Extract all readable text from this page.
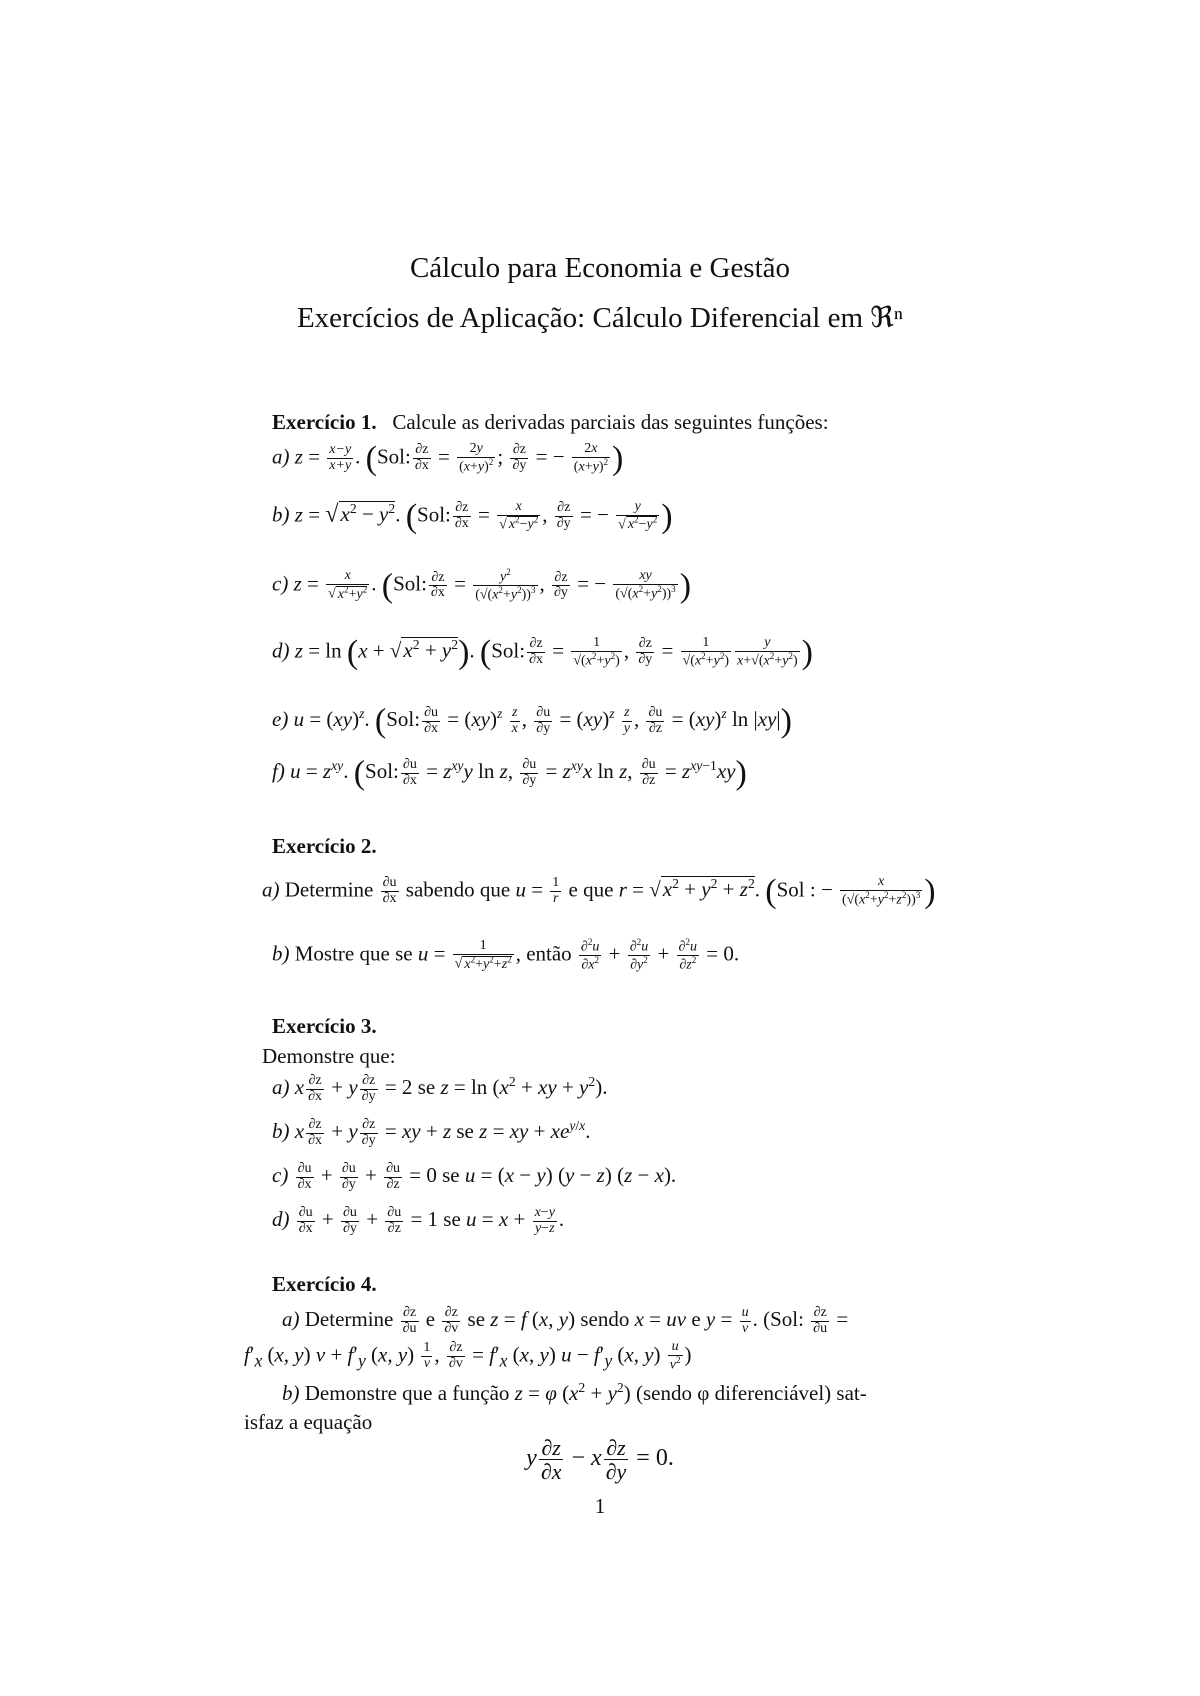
Cálculo para Economia e Gestão
Exercícios de Aplicação: Cálculo Diferencial em ℜⁿ
Exercício 1. Calcule as derivadas parciais das seguintes funções:
a) $z = \frac{x-y}{x+y}$ . (Sol: $\frac{\partial z}{\partial x} = \frac{2y}{(x+y)^2}$ ; $\frac{\partial z}{\partial y}$ = − $\frac{2x}{(x+y)^2}$ )
b) $z = √x^2 - y^2$. (Sol: $\frac{\partial z}{\partial x} = \frac{x}{√ x^2-y^2}$ , $\frac{\partial z}{\partial y}$ = − $\frac{y}{√ x^2-y^2}$ )
c) $z = \frac{x}{√ x^2+y^2}$ . (Sol: $\frac{\partial z}{\partial x} = \frac{y^2}{(√(x^2+y^2))^3}$ , $\frac{\partial z}{\partial y}$ = − $\frac{xy}{(√(x^2+y^2))^3}$ )
d) $z = \ln (x + √x^2 + y^2)$. (Sol: $\frac{\partial z}{\partial x} = \frac{1}{√(x^2+y^2)}$ , $\frac{\partial z}{\partial y} = \frac{1}{√(x^2+y^2)} \frac{y}{x+√(x^2+y^2)}$ )
e) u = (xy)$^z$. (Sol: $\frac{\partial u}{\partial x} = (xy)^z \frac{z}{x}$ , $\frac{\partial u}{\partial y} = (xy)^z \frac{z}{y}$ , $\frac{\partial u}{\partial z} = (xy)^z$ ln |xy|)
f) $u = z^{xy}$. (Sol: $\frac{\partial u}{\partial x} = z^{xy}y$ ln z, $\frac{\partial u}{\partial y} = z^{xy}x$ ln z, $\frac{\partial u}{\partial z} = z^{xy-1}xy$)
Exercício 2.
a) Determine $\frac{\partial u}{\partial x}$ sabendo que $u = \frac{1}{r}$ e que $r = √x^2 + y^2 + z^2$. (Sol : − $\frac{x}{(√(x^2+y^2+z^2))^3}$ )
b) Mostre que se $u = \frac{1}{√ x^2+y^2+z^2}$ , então $\frac{\partial^2u}{\partial x^2} + \frac{\partial^2u}{\partial y^2} + \frac{\partial^2u}{\partial z^2} = 0$.
Exercício 3.
Demonstre que:
a) x $\frac{\partial z}{\partial x} + y \frac{\partial z}{\partial y} = 2$ se $z = \ln (x^2$ + xy + $y^2$).
b) x $\frac{\partial z}{\partial x} + y \frac{\partial z}{\partial y}$ = xy + z se z = xy + $xe^{y/x}$.
$c) \frac{\partial u}{\partial x} + \frac{\partial u}{\partial y} + \frac{\partial u}{\partial z} = 0$ se u = (x − y) (y − z) (z − x).
$d) \frac{\partial u}{\partial x} + \frac{\partial u}{\partial y} + \frac{\partial u}{\partial z} = 1$ se $u = x + \frac{x-y}{y-z}$ .
Exercício 4.
a) Determine $\frac{\partial z}{\partial u}$ e $\frac{\partial z}{\partial v}$ se z = f (x, y) sendo x = uv e $y = \frac{u}{v}$ . (Sol: $\frac{\partial z}{\partial u}$ =
$f'_x$ (x, y) $v + f'_y$ (x, $y) \frac{1}{v}$ , $\frac{\partial z}{\partial v} = f'_x$ (x, y) $u - f'_y$ (x, $y) \frac{u}{v^2}$ )
b) Demonstre que a função z = φ $(x^2 + y^2)$ (sendo φ diferenciável) sat-
isfaz a equação
y $\frac{\partial z}{\partial x} - x \frac{\partial z}{\partial y} = 0$.
1
